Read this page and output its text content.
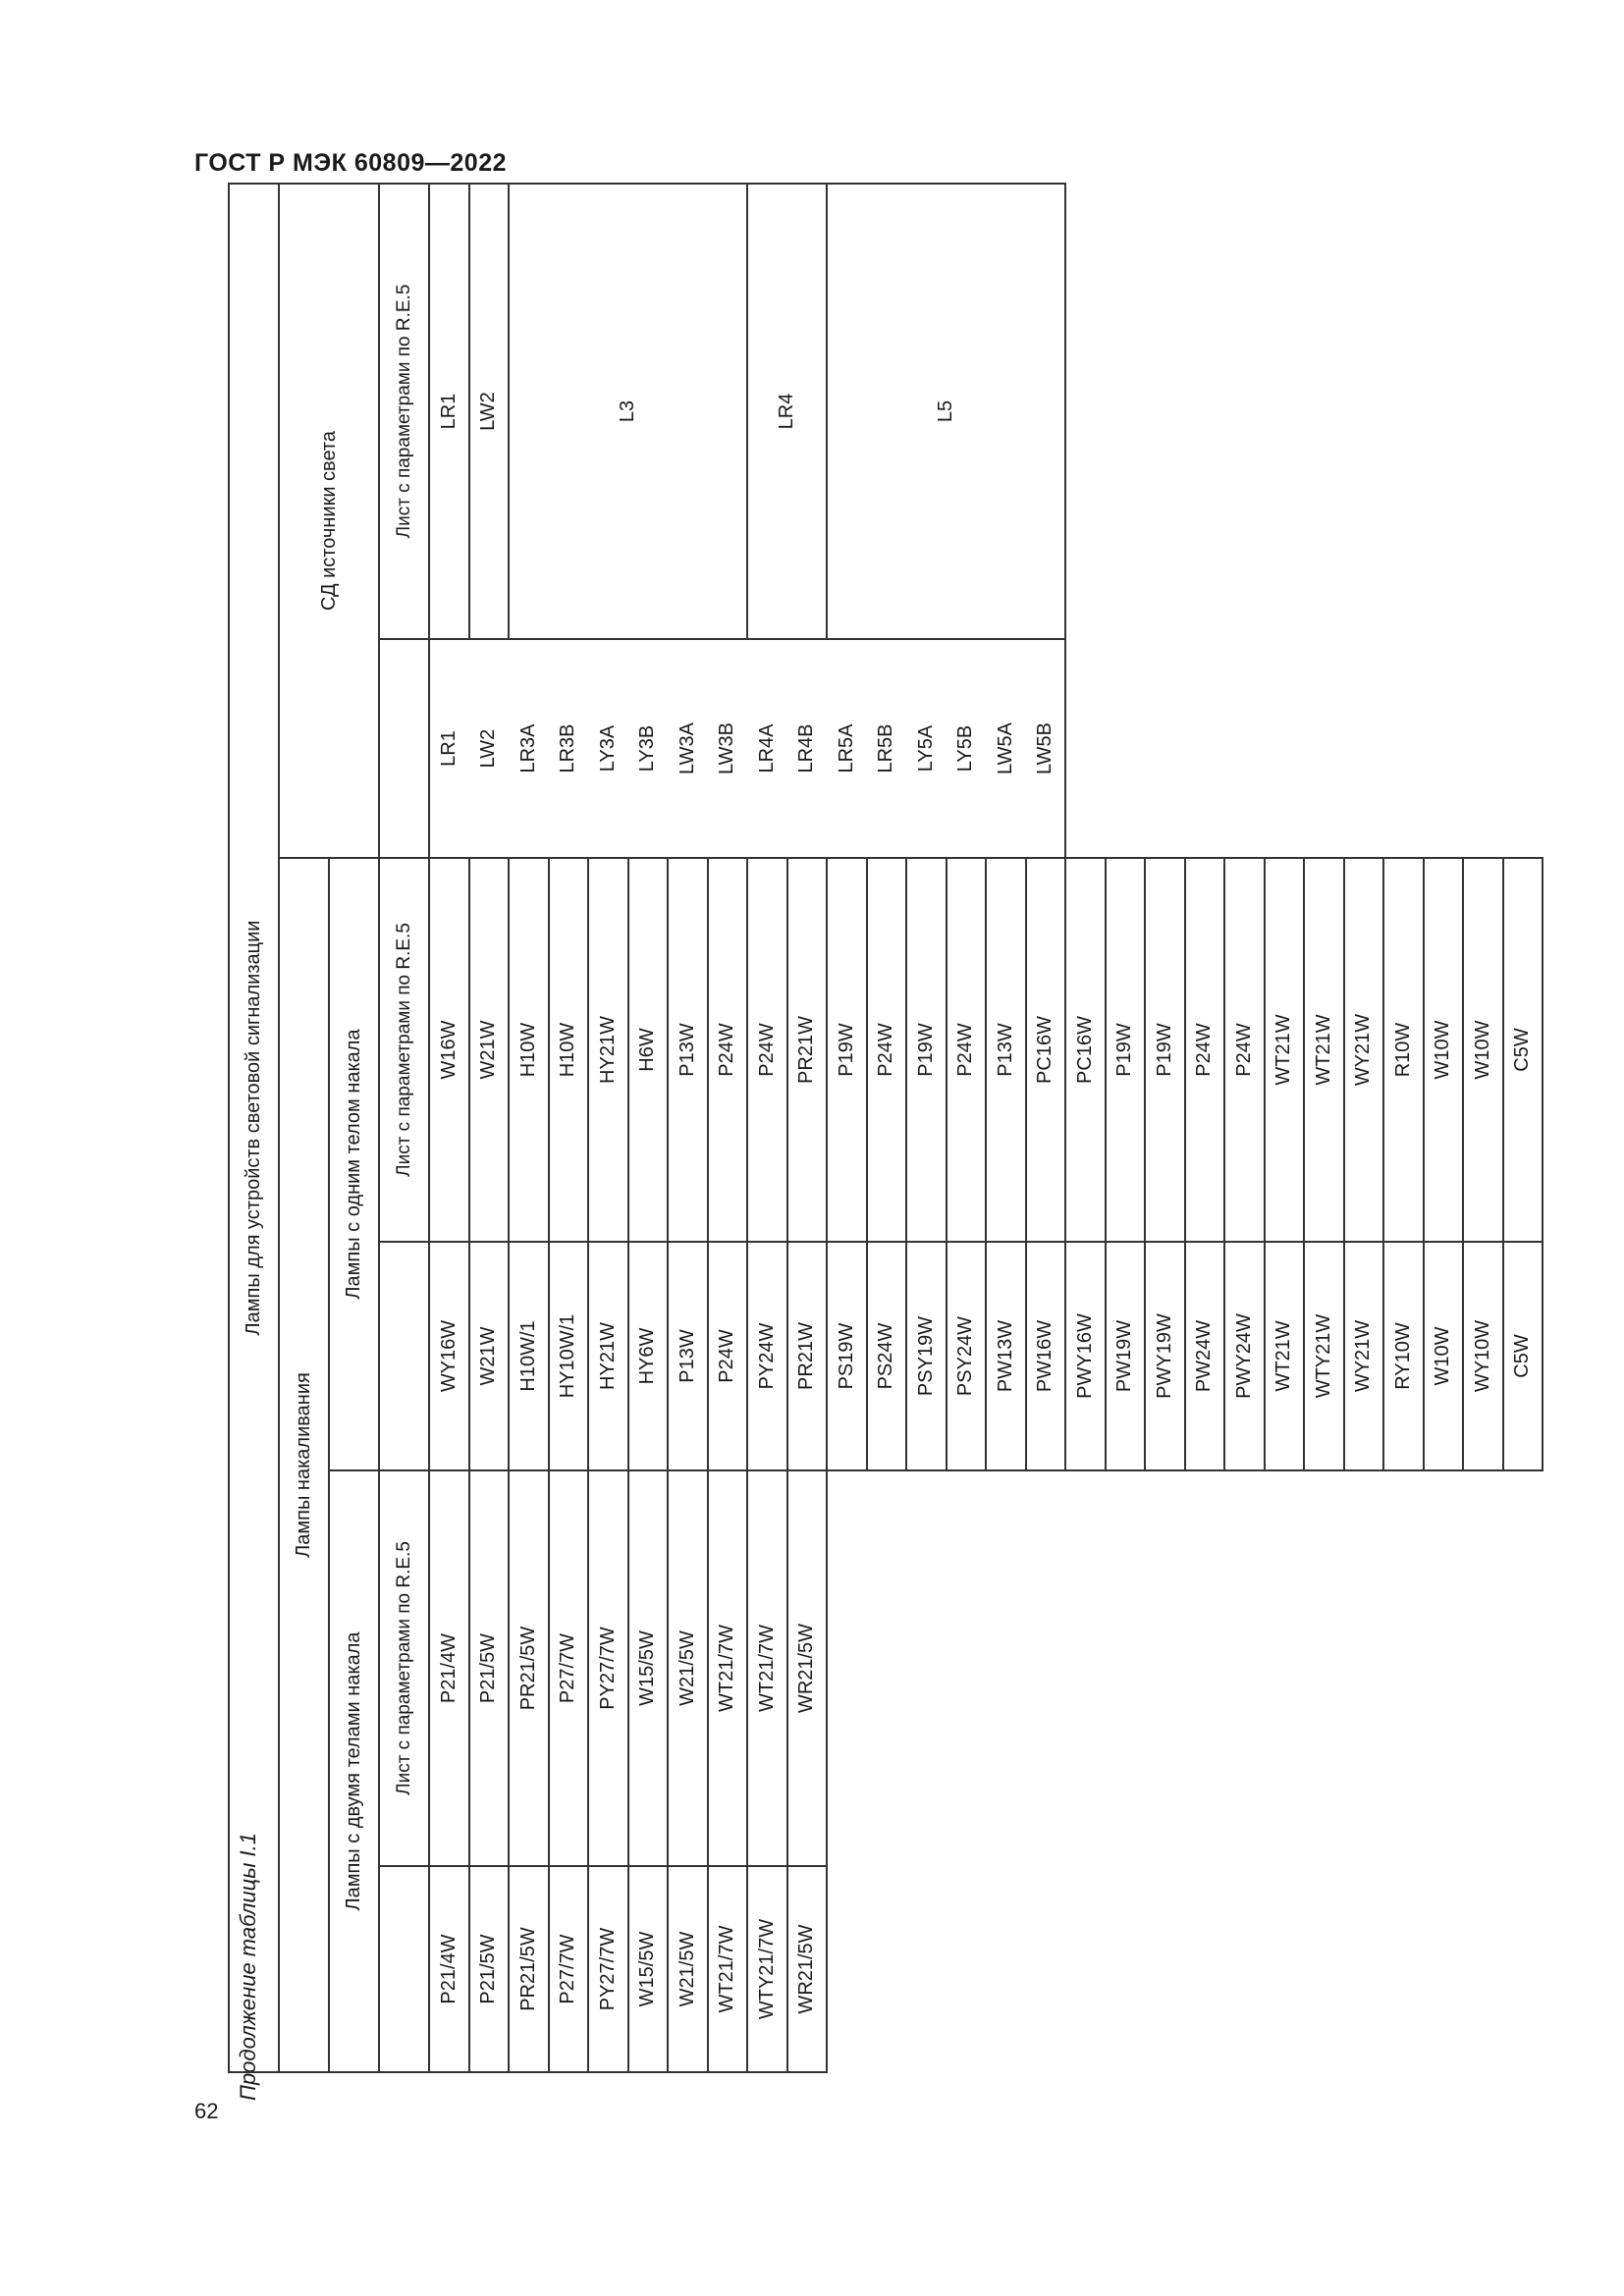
ГОСТ Р МЭК 60809—2022
62
Продолжение таблицы I.1
Лампы для устройств световой сигнализации					
Лампы накаливания				СД источники света	
Лампы с двумя телами накала		Лампы с одним телом накала			
	Лист с параметрами по R.E.5		Лист с параметрами по R.E.5		Лист с параметрами по R.E.5
P21/4W	P21/4W	WY16W	W16W	LR1	LR1
P21/5W	P21/5W	W21W	W21W	LW2	LW2
PR21/5W	PR21/5W	H10W/1	H10W	LR3A	L3
P27/7W	P27/7W	HY10W/1	H10W	LR3B	
PY27/7W	PY27/7W	HY21W	HY21W	LY3A	
W15/5W	W15/5W	HY6W	H6W	LY3B	
W21/5W	W21/5W	P13W	P13W	LW3A	
WT21/7W	WT21/7W	P24W	P24W	LW3B	
WTY21/7W	WT21/7W	PY24W	P24W	LR4A	LR4
WR21/5W	WR21/5W	PR21W	PR21W	LR4B	
		PS19W	P19W	LR5A	L5
		PS24W	P24W	LR5B	
		PSY19W	P19W	LY5A	
		PSY24W	P24W	LY5B	
		PW13W	P13W	LW5A	
		PW16W	PC16W	LW5B	
		PWY16W	PC16W		
		PW19W	P19W		
		PWY19W	P19W		
		PW24W	P24W		
		PWY24W	P24W		
		WT21W	WT21W		
		WTY21W	WT21W		
		WY21W	WY21W		
		RY10W	R10W		
		W10W	W10W		
		WY10W	W10W		
		C5W	C5W		
